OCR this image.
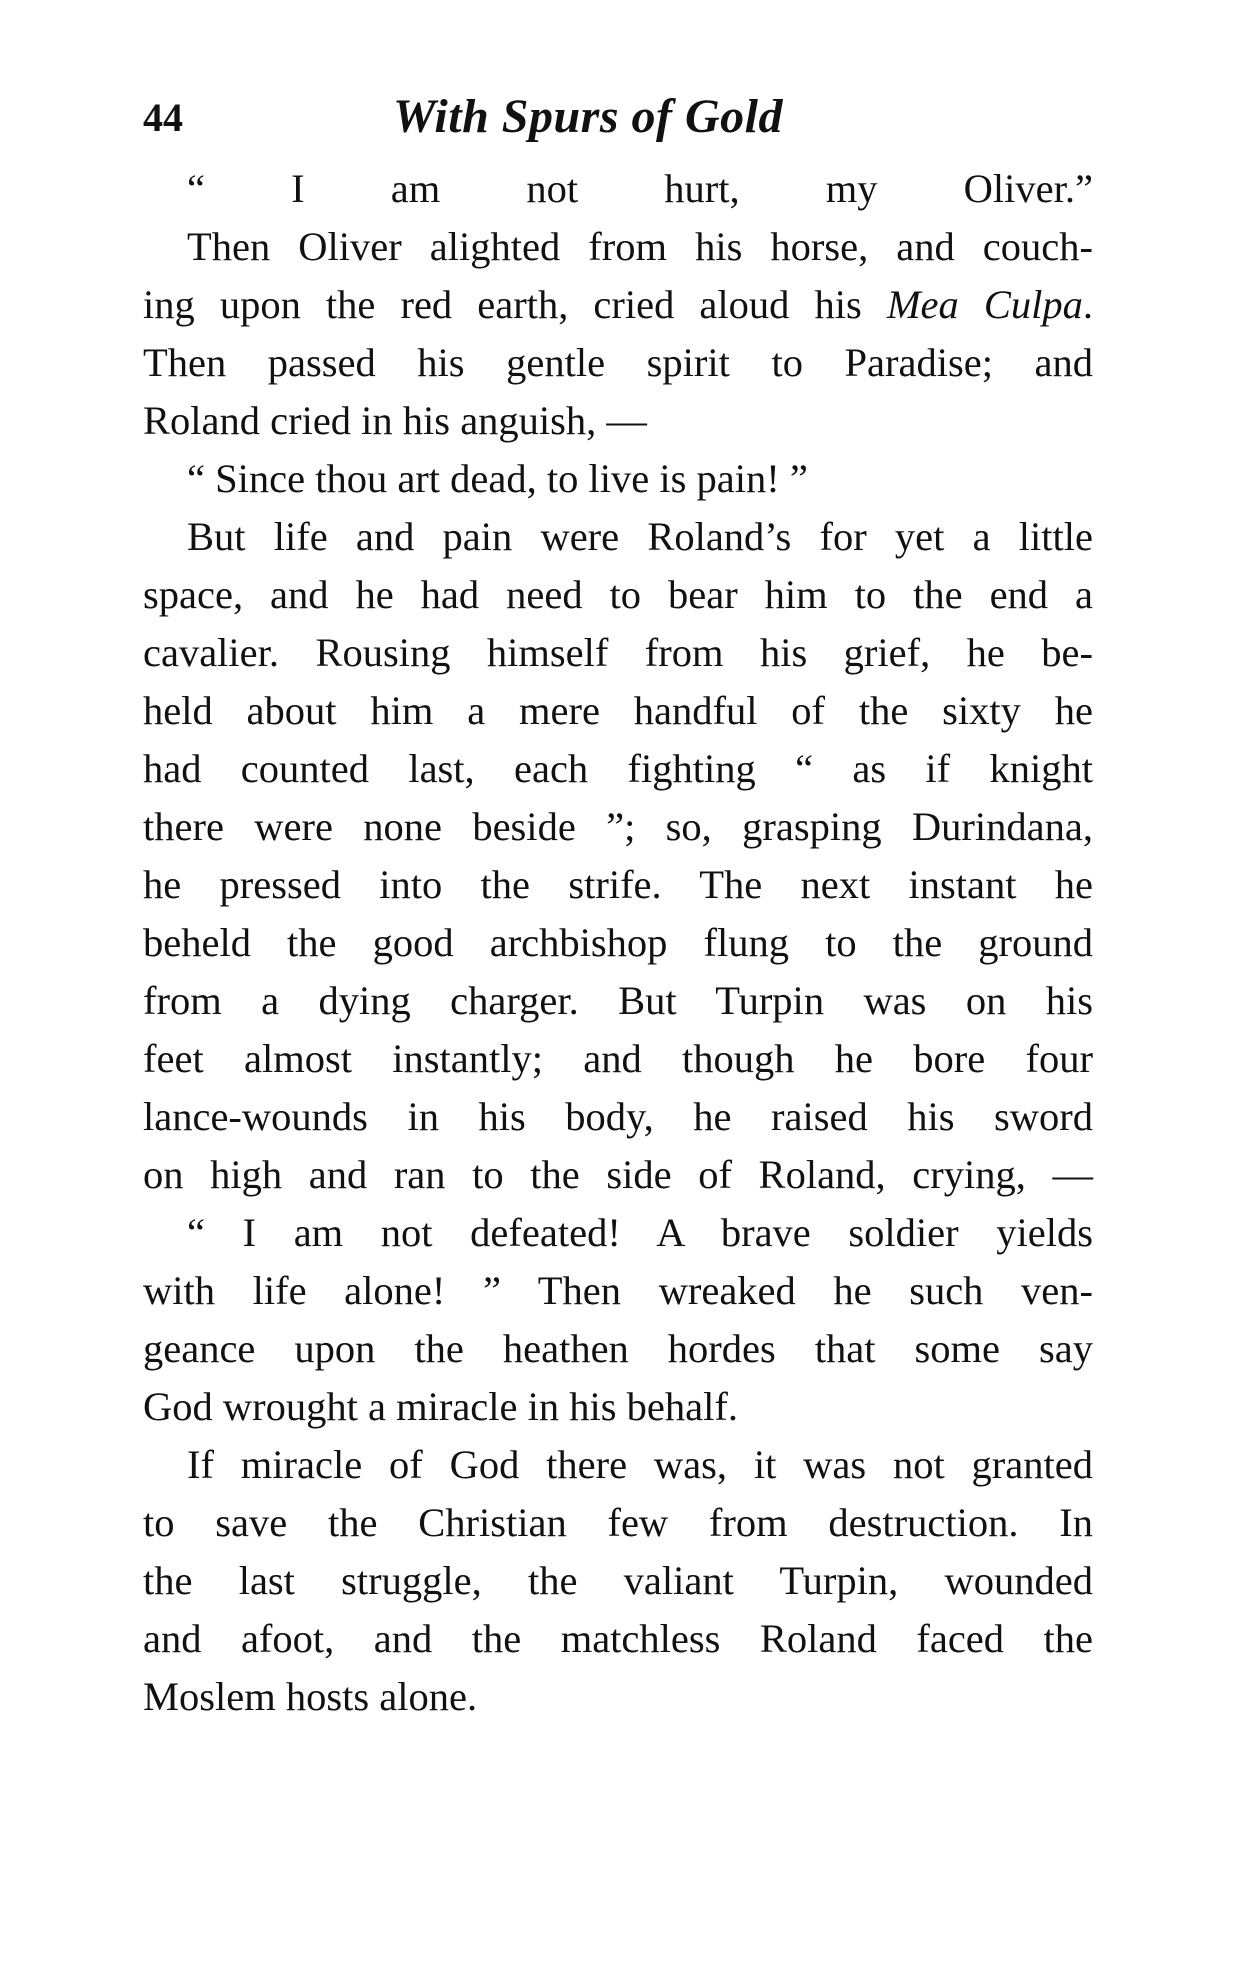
44	With Spurs of Gold
“ I am not hurt, my Oliver.”
Then Oliver alighted from his horse, and couch-
ing upon the red earth, cried aloud his Mea Culpa.
Then passed his gentle spirit to Paradise; and
Roland cried in his anguish, —
“ Since thou art dead, to live is pain! ”
But life and pain were Roland’s for yet a little
space, and he had need to bear him to the end a
cavalier. Rousing himself from his grief, he be-
held about him a mere handful of the sixty he
had counted last, each fighting “ as if knight
there were none beside ”; so, grasping Durindana,
he pressed into the strife. The next instant he
beheld the good archbishop flung to the ground
from a dying charger. But Turpin was on his
feet almost instantly; and though he bore four
lance-wounds in his body, he raised his sword
on high and ran to the side of Roland, crying, —
“ I am not defeated! A brave soldier yields
with life alone! ” Then wreaked he such ven-
geance upon the heathen hordes that some say
God wrought a miracle in his behalf.
If miracle of God there was, it was not granted
to save the Christian few from destruction. In
the last struggle, the valiant Turpin, wounded
and afoot, and the matchless Roland faced the
Moslem hosts alone.
